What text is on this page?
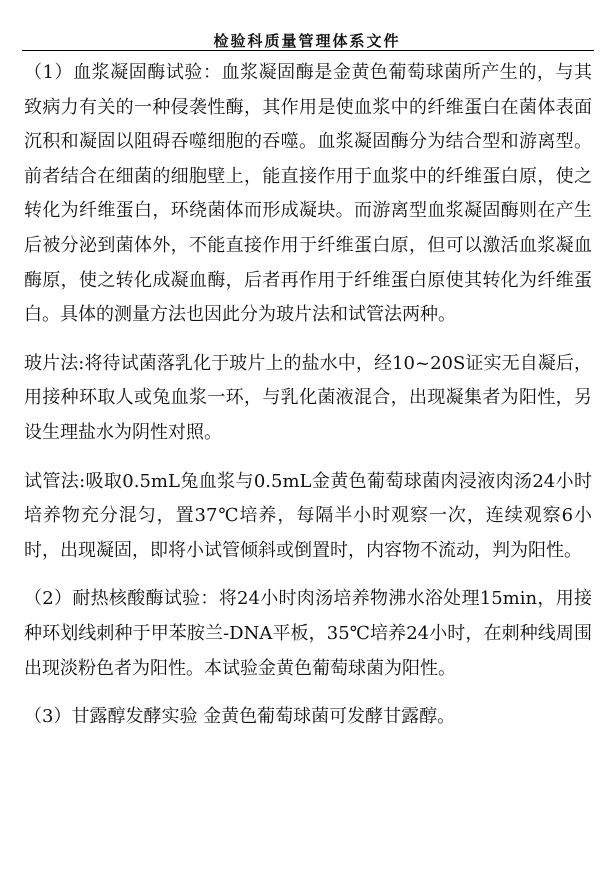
检验科质量管理体系文件

（1）血浆凝固酶试验：血浆凝固酶是金黄色葡萄球菌所产生的，与其致病力有关的一种侵袭性酶，其作用是使血浆中的纤维蛋白在菌体表面沉积和凝固以阻碍吞噬细胞的吞噬。血浆凝固酶分为结合型和游离型。前者结合在细菌的细胞壁上，能直接作用于血浆中的纤维蛋白原，使之转化为纤维蛋白，环绕菌体而形成凝块。而游离型血浆凝固酶则在产生后被分泌到菌体外，不能直接作用于纤维蛋白原，但可以激活血浆凝血酶原，使之转化成凝血酶，后者再作用于纤维蛋白原使其转化为纤维蛋白。具体的测量方法也因此分为玻片法和试管法两种。

玻片法:将待试菌落乳化于玻片上的盐水中，经10~20S证实无自凝后，用接种环取人或兔血浆一环，与乳化菌液混合，出现凝集者为阳性，另设生理盐水为阴性对照。

试管法:吸取0.5mL兔血浆与0.5mL金黄色葡萄球菌肉浸液肉汤24小时培养物充分混匀，置37℃培养，每隔半小时观察一次，连续观察6小时，出现凝固，即将小试管倾斜或倒置时，内容物不流动，判为阳性。

（2）耐热核酸酶试验：将24小时肉汤培养物沸水浴处理15min，用接种环划线刺种于甲苯胺兰-DNA平板，35℃培养24小时，在刺种线周围出现淡粉色者为阳性。本试验金黄色葡萄球菌为阳性。

（3）甘露醇发酵实验 金黄色葡萄球菌可发酵甘露醇。
